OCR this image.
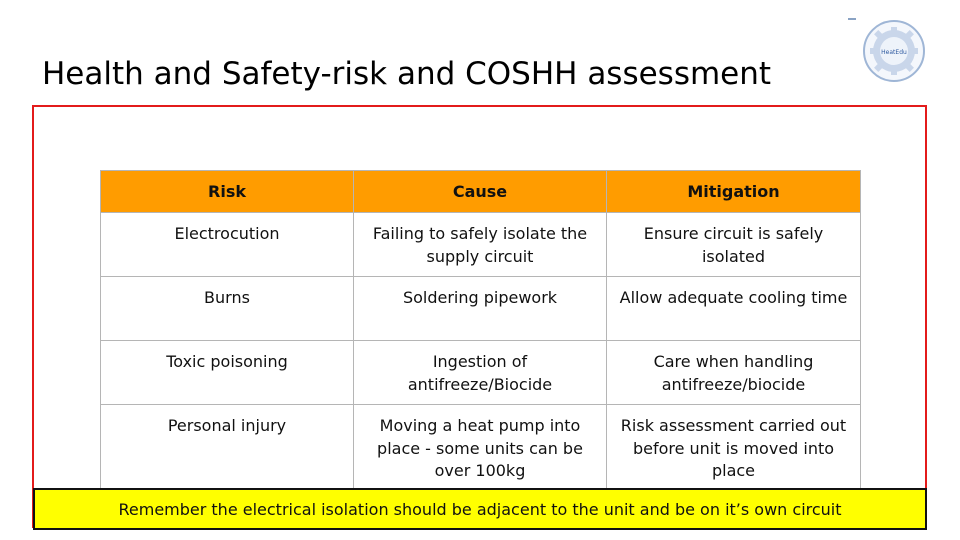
Health and Safety-risk and COSHH assessment
HeatEdu
Risk	Cause	Mitigation
Electrocution	Failing to safely isolate the supply circuit	Ensure circuit is safely isolated
Burns	Soldering pipework	Allow adequate cooling time
Toxic poisoning	Ingestion of antifreeze/Biocide	Care when handling antifreeze/biocide
Personal injury	Moving a heat pump into place - some units can be over 100kg	Risk assessment carried out before unit is moved into place
Remember the electrical isolation should be adjacent to the unit and be on it’s own circuit
